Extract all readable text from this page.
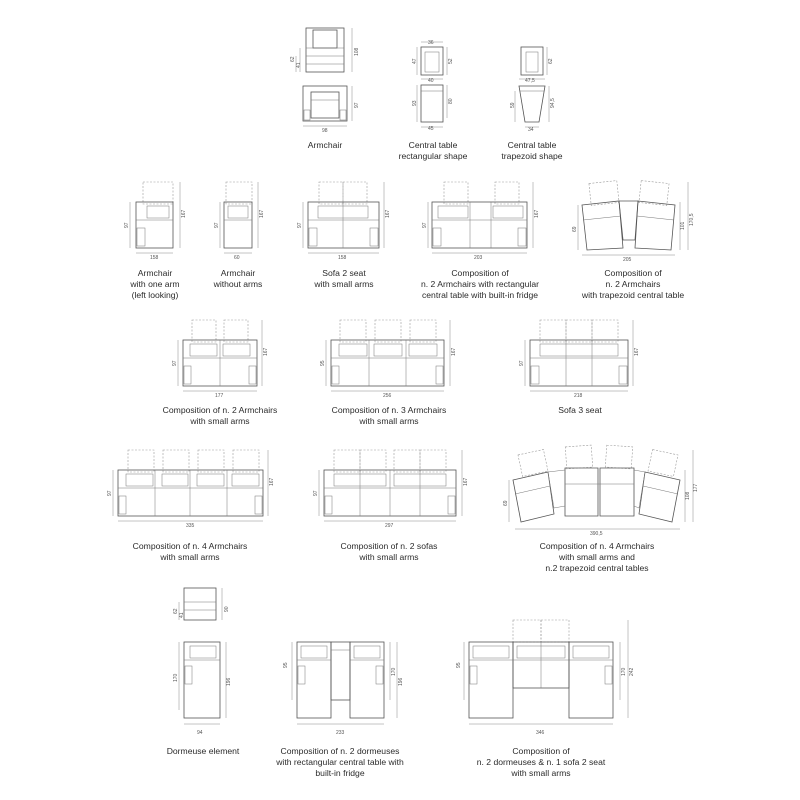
62
41
108
97
98
36
47	52
40
93	80
45
62
47,5
59	94,5
34
97
167
158
97
167
60
97
167
158
97
167
203
69	101 170,5
205
97
167
177
95
167
256
97
167
218
97
167
335
97
167
297
69
108
177
390,5
62
41
90
170	196
94
95
170
196
233
95
170 242
346
Armchair	Central table
rectangular shape
Central table
trapezoid shape
Armchair
with one arm
(left looking)
Armchair
without arms
Sofa 2 seat
with small arms
Composition of
n. 2 Armchairs with rectangular
central table with built-in fridge
Composition of
n. 2 Armchairs
with trapezoid central table
Composition of n. 2 Armchairs
with small arms
Composition of n. 3 Armchairs
with small arms
Sofa 3 seat
Composition of n. 4 Armchairs
with small arms
Composition of n. 2 sofas
with small arms
Composition of n. 4 Armchairs
with small arms and
n.2 trapezoid central tables
Dormeuse element	Composition of n. 2 dormeuses
with rectangular central table with
built-in fridge
Composition of
n. 2 dormeuses & n. 1 sofa 2 seat
with small arms
